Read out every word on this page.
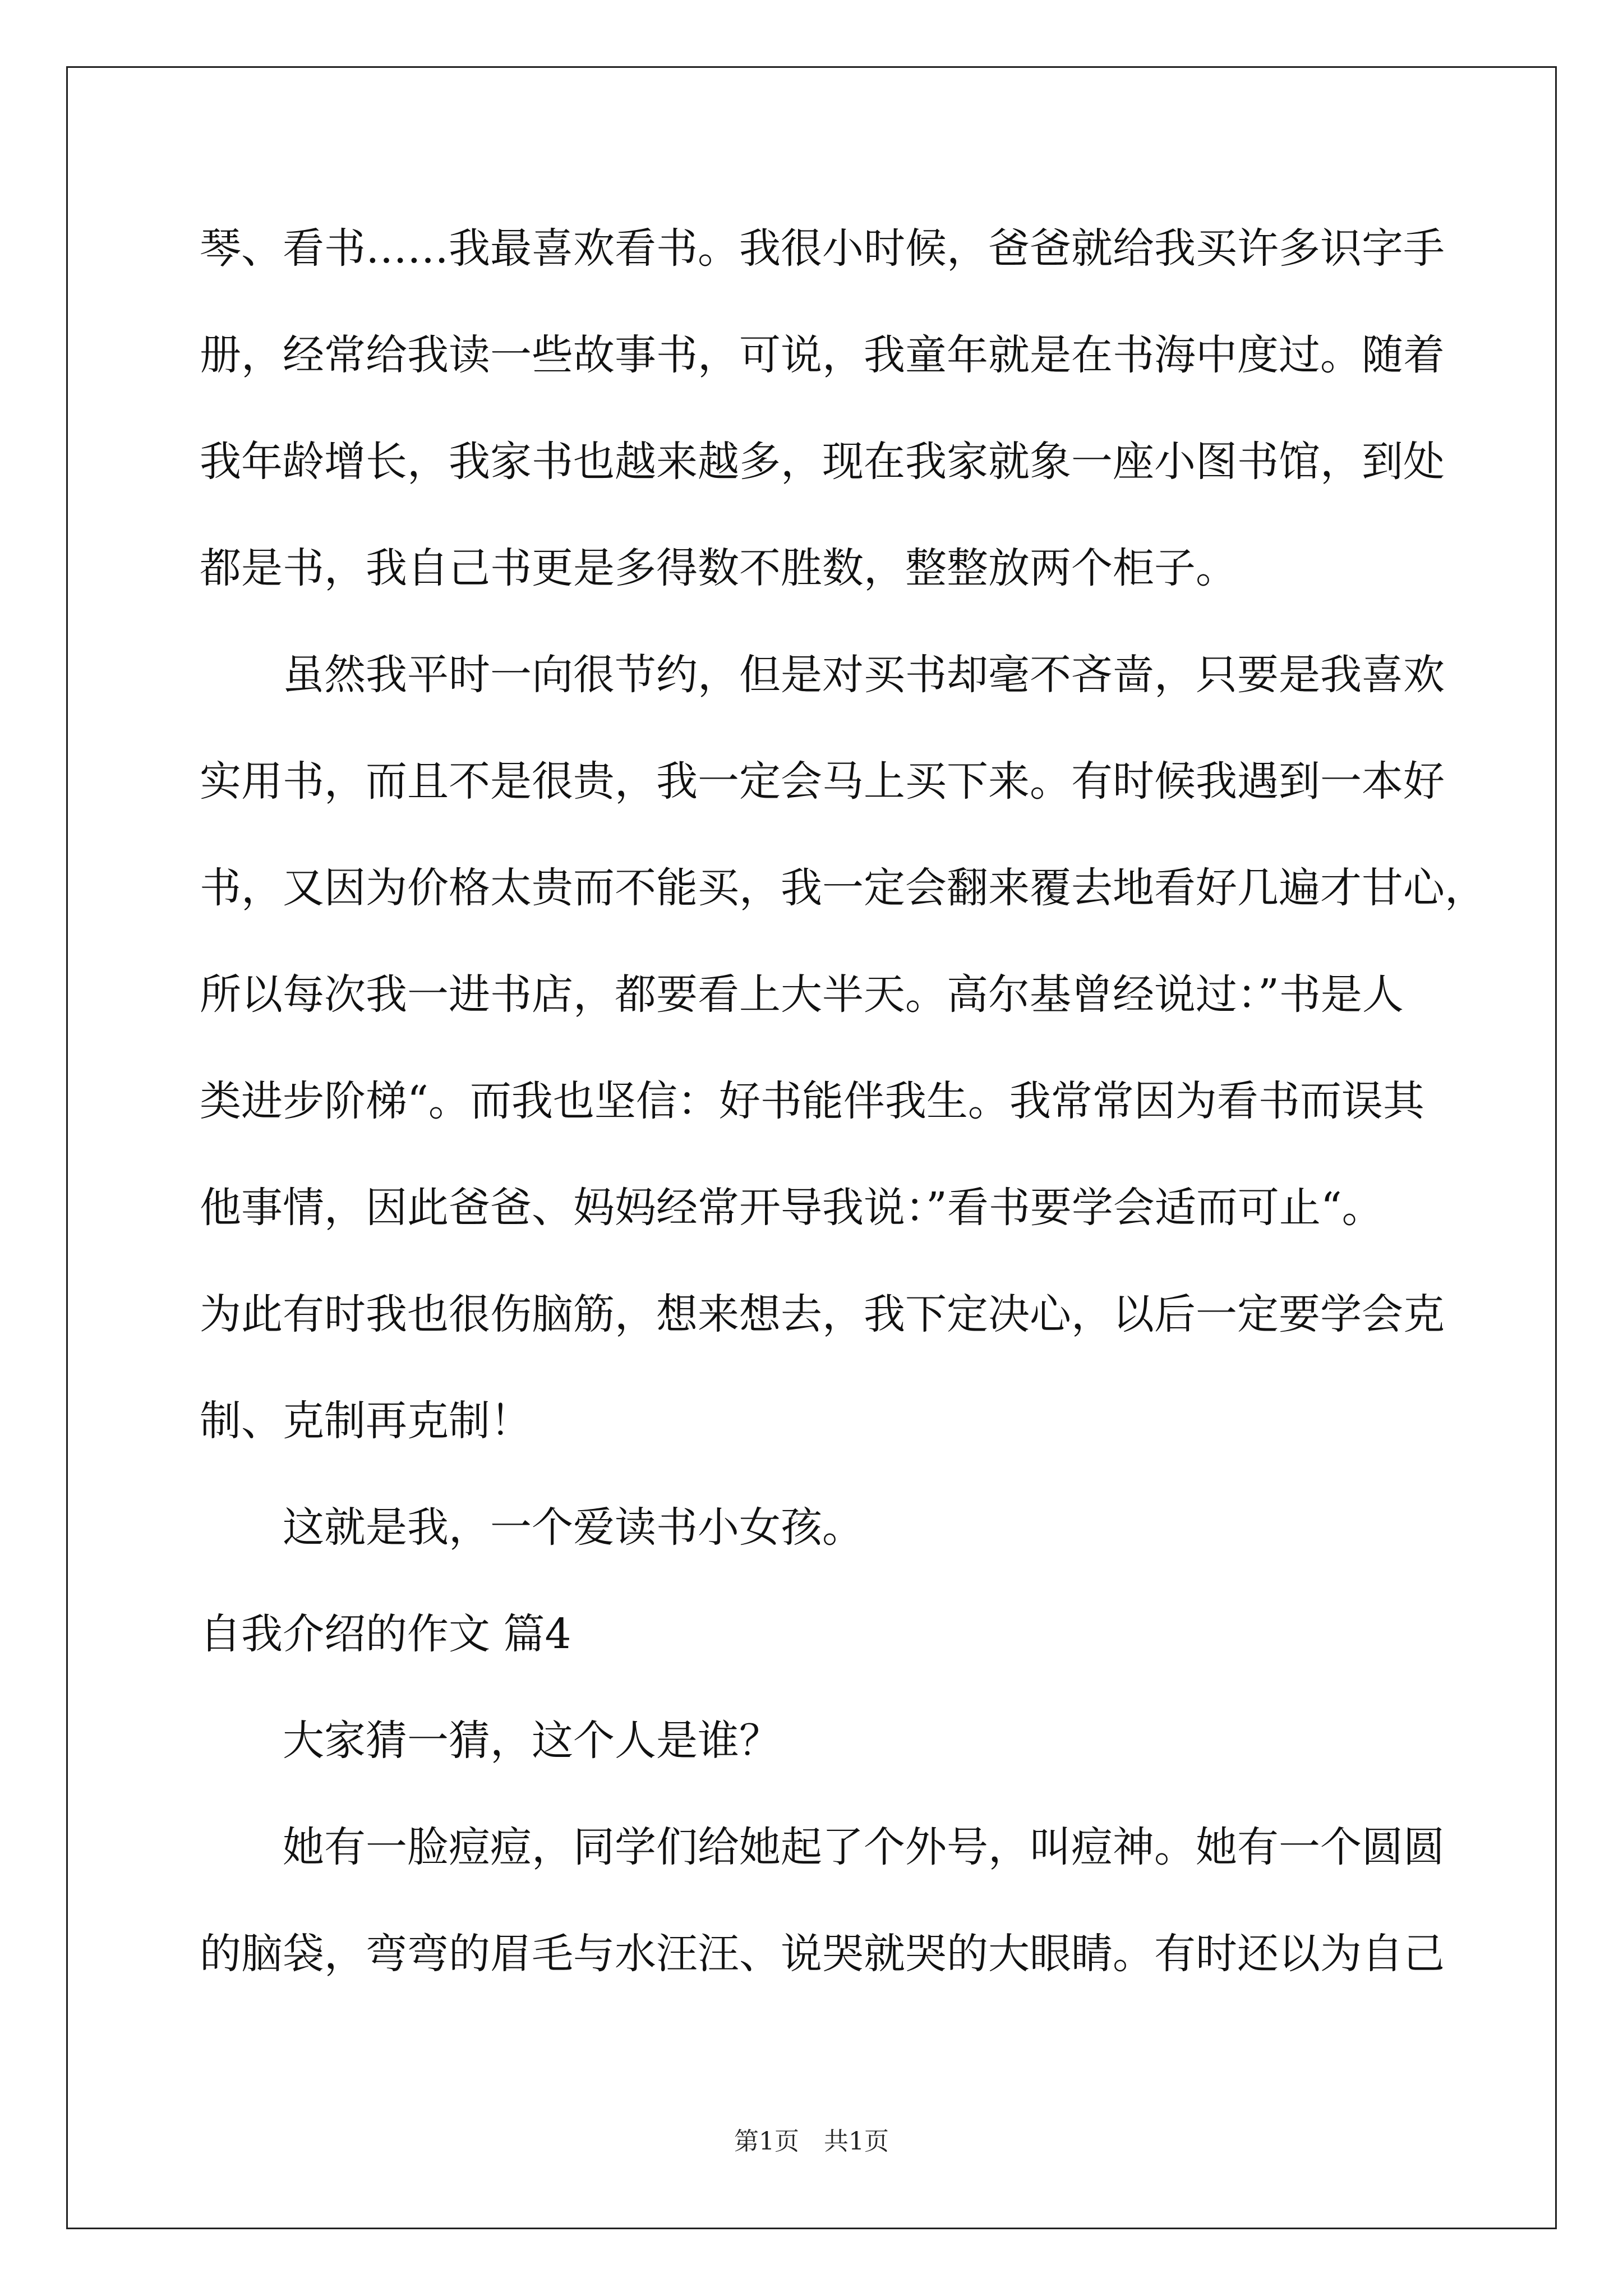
琴、看书……我最喜欢看书。我很小时候，爸爸就给我买许多识字手
册，经常给我读一些故事书，可说，我童年就是在书海中度过。随着
我年龄增长，我家书也越来越多，现在我家就象一座小图书馆，到处
都是书，我自己书更是多得数不胜数，整整放两个柜子。
虽然我平时一向很节约，但是对买书却毫不吝啬，只要是我喜欢
实用书，而且不是很贵，我一定会马上买下来。有时候我遇到一本好
书，又因为价格太贵而不能买，我一定会翻来覆去地看好几遍才甘心，
所以每次我一进书店，都要看上大半天。高尔基曾经说过：”书是人
类进步阶梯“。而我也坚信：好书能伴我生。我常常因为看书而误其
他事情，因此爸爸、妈妈经常开导我说：”看书要学会适而可止“。
为此有时我也很伤脑筋，想来想去，我下定决心，以后一定要学会克
制、克制再克制！
这就是我，一个爱读书小女孩。
自我介绍的作文 篇4
大家猜一猜，这个人是谁？
她有一脸痘痘，同学们给她起了个外号，叫痘神。她有一个圆圆
的脑袋，弯弯的眉毛与水汪汪、说哭就哭的大眼睛。有时还以为自己
第1页　共1页
